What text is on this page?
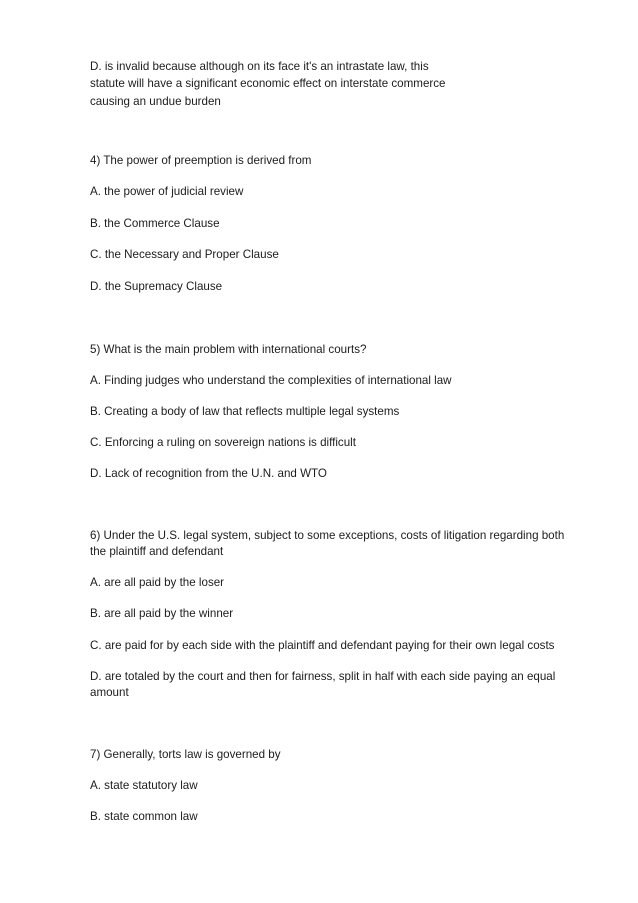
D. is invalid because although on its face it's an intrastate law, this
statute will have a significant economic effect on interstate commerce
causing an undue burden
4) The power of preemption is derived from
A. the power of judicial review
B. the Commerce Clause
C. the Necessary and Proper Clause
D. the Supremacy Clause
5) What is the main problem with international courts?
A. Finding judges who understand the complexities of international law
B. Creating a body of law that reflects multiple legal systems
C. Enforcing a ruling on sovereign nations is difficult
D. Lack of recognition from the U.N. and WTO
6) Under the U.S. legal system, subject to some exceptions, costs of litigation regarding both
the plaintiff and defendant
A. are all paid by the loser
B. are all paid by the winner
C. are paid for by each side with the plaintiff and defendant paying for their own legal costs
D. are totaled by the court and then for fairness, split in half with each side paying an equal
amount
7) Generally, torts law is governed by
A. state statutory law
B. state common law
